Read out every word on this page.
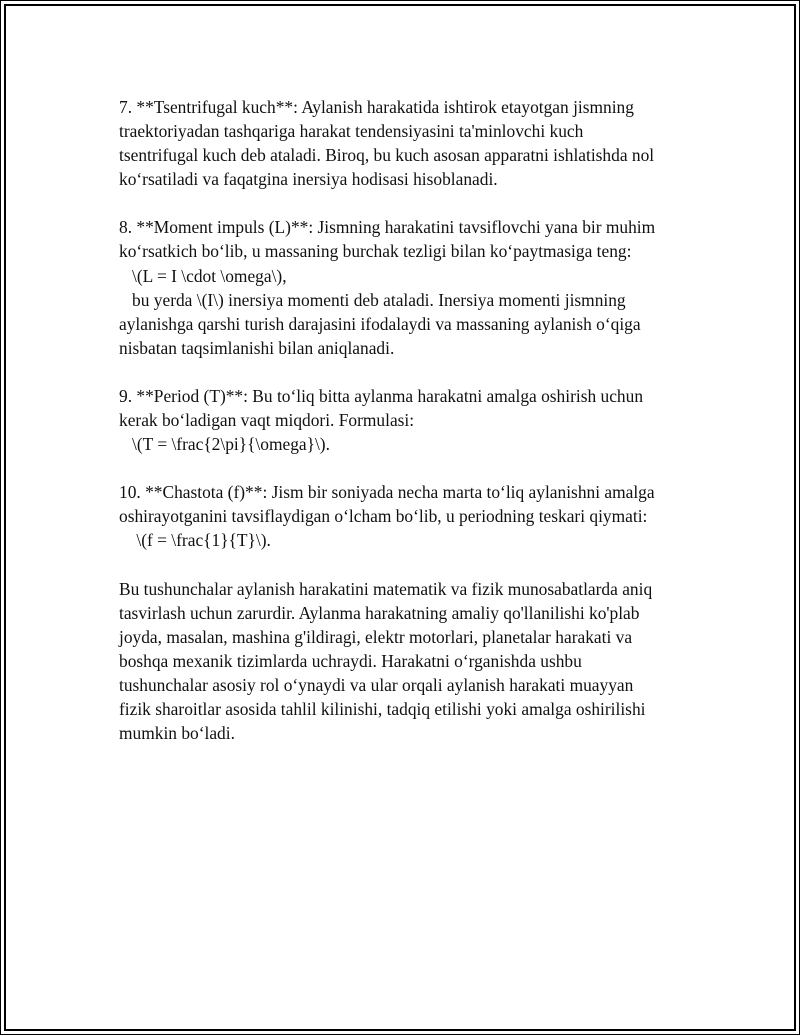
7. **Tsentrifugal kuch**: Aylanish harakatida ishtirok etayotgan jismning
traektoriyadan tashqariga harakat tendensiyasini ta'minlovchi kuch
tsentrifugal kuch deb ataladi. Biroq, bu kuch asosan apparatni ishlatishda nol
ko‘rsatiladi va faqatgina inersiya hodisasi hisoblanadi.

8. **Moment impuls (L)**: Jismning harakatini tavsiflovchi yana bir muhim
ko‘rsatkich bo‘lib, u massaning burchak tezligi bilan ko‘paytmasiga teng:
\(L = I \cdot \omega\),
bu yerda \(I\) inersiya momenti deb ataladi. Inersiya momenti jismning
aylanishga qarshi turish darajasini ifodalaydi va massaning aylanish o‘qiga
nisbatan taqsimlanishi bilan aniqlanadi.

9. **Period (T)**: Bu to‘liq bitta aylanma harakatni amalga oshirish uchun
kerak bo‘ladigan vaqt miqdori. Formulasi:
\(T = \frac{2\pi}{\omega}\).

10. **Chastota (f)**: Jism bir soniyada necha marta to‘liq aylanishni amalga
oshirayotganini tavsiflaydigan o‘lcham bo‘lib, u periodning teskari qiymati:
\(f = \frac{1}{T}\).

Bu tushunchalar aylanish harakatini matematik va fizik munosabatlarda aniq
tasvirlash uchun zarurdir. Aylanma harakatning amaliy qo'llanilishi ko'plab
joyda, masalan, mashina g'ildiragi, elektr motorlari, planetalar harakati va
boshqa mexanik tizimlarda uchraydi. Harakatni o‘rganishda ushbu
tushunchalar asosiy rol o‘ynaydi va ular orqali aylanish harakati muayyan
fizik sharoitlar asosida tahlil kilinishi, tadqiq etilishi yoki amalga oshirilishi
mumkin bo‘ladi.
